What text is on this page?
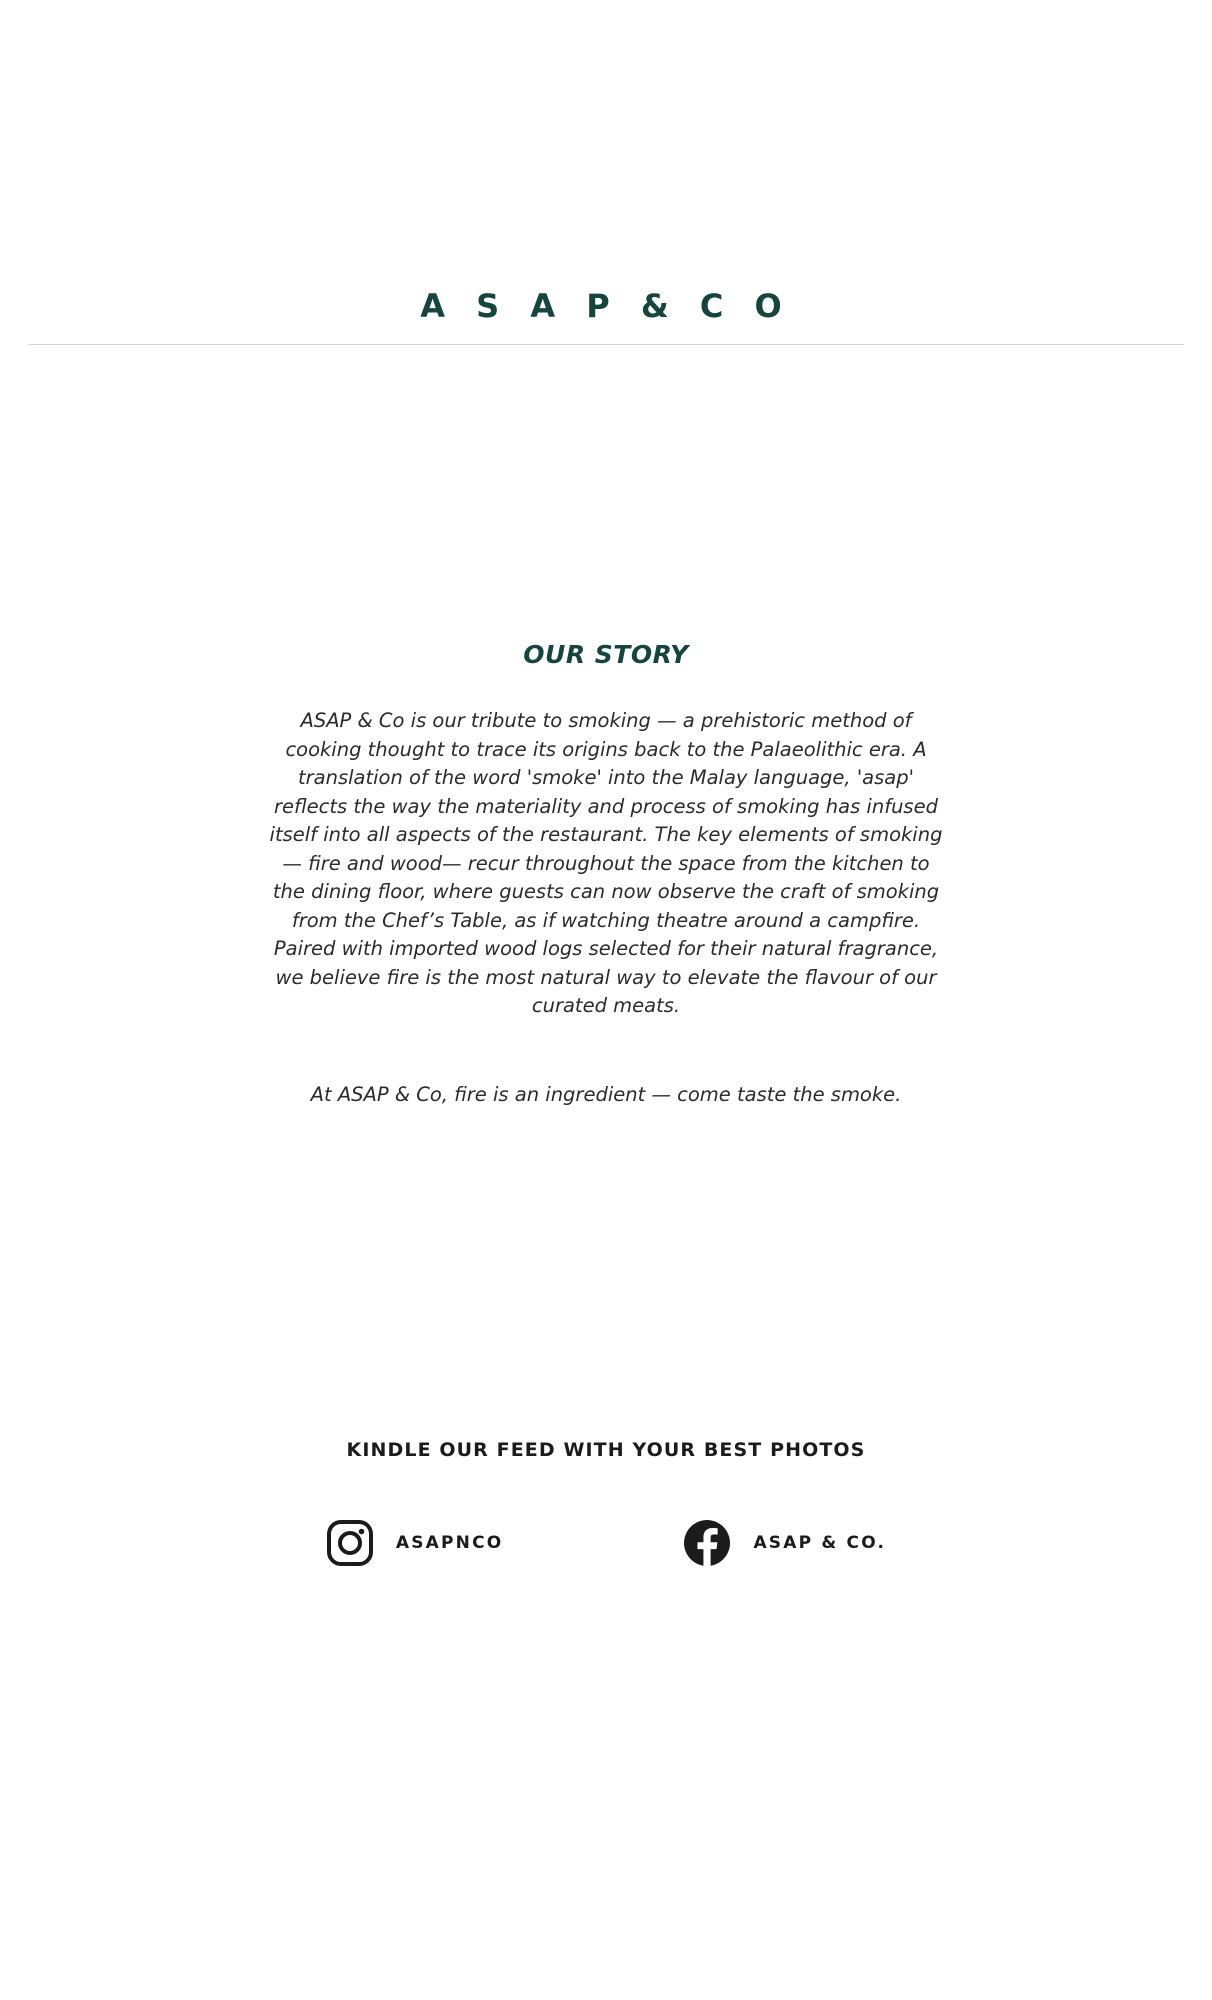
A S A P & C O
OUR STORY

ASAP & Co is our tribute to smoking — a prehistoric method of cooking thought to trace its origins back to the Palaeolithic era. A translation of the word 'smoke' into the Malay language, 'asap' reflects the way the materiality and process of smoking has infused itself into all aspects of the restaurant. The key elements of smoking — fire and wood— recur throughout the space from the kitchen to the dining floor, where guests can now observe the craft of smoking from the Chef’s Table, as if watching theatre around a campfire. Paired with imported wood logs selected for their natural fragrance, we believe fire is the most natural way to elevate the flavour of our curated meats.

At ASAP & Co, fire is an ingredient — come taste the smoke.

KINDLE OUR FEED WITH YOUR BEST PHOTOS
ASAPNCO	ASAP & CO.
